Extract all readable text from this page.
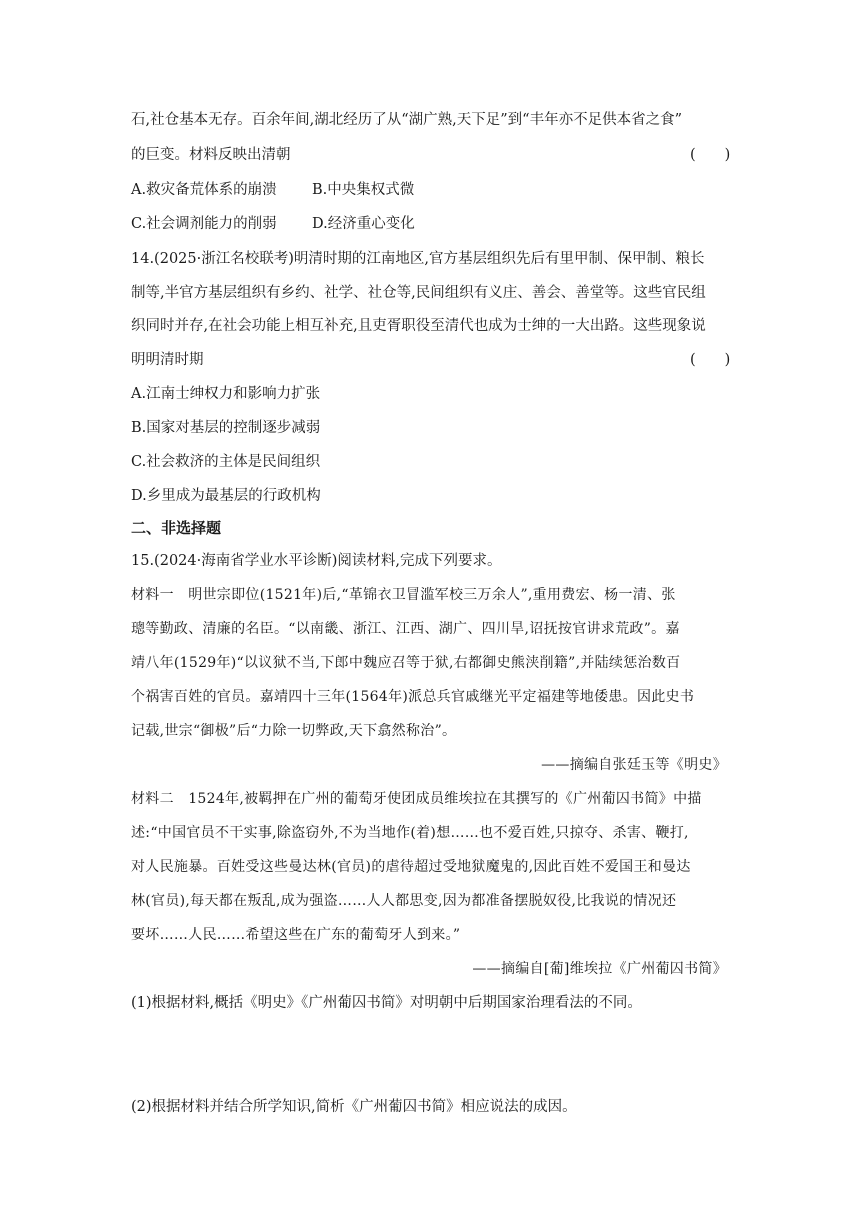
石,社仓基本无存。百余年间,湖北经历了从“湖广熟,天下足”到“丰年亦不足供本省之食”
的巨变。材料反映出清朝	(　　)
A.救灾备荒体系的崩溃 B.中央集权式微
C.社会调剂能力的削弱 D.经济重心变化
14.(2025·浙江名校联考)明清时期的江南地区,官方基层组织先后有里甲制、保甲制、粮长
制等,半官方基层组织有乡约、社学、社仓等,民间组织有义庄、善会、善堂等。这些官民组
织同时并存,在社会功能上相互补充,且吏胥职役至清代也成为士绅的一大出路。这些现象说
明明清时期	(　　)
A.江南士绅权力和影响力扩张
B.国家对基层的控制逐步减弱
C.社会救济的主体是民间组织
D.乡里成为最基层的行政机构
二、非选择题
15.(2024·海南省学业水平诊断)阅读材料,完成下列要求。
材料一　明世宗即位(1521年)后,“革锦衣卫冒滥军校三万余人”,重用费宏、杨一清、张
璁等勤政、清廉的名臣。“以南畿、浙江、江西、湖广、四川旱,诏抚按官讲求荒政”。嘉
靖八年(1529年)“以议狱不当,下郎中魏应召等于狱,右都御史熊浃削籍”,并陆续惩治数百
个祸害百姓的官员。嘉靖四十三年(1564年)派总兵官戚继光平定福建等地倭患。因此史书
记载,世宗“御极”后“力除一切弊政,天下翕然称治”。
——摘编自张廷玉等《明史》
材料二　1524年,被羁押在广州的葡萄牙使团成员维埃拉在其撰写的《广州葡囚书简》中描
述:“中国官员不干实事,除盗窃外,不为当地作(着)想……也不爱百姓,只掠夺、杀害、鞭打,
对人民施暴。百姓受这些曼达林(官员)的虐待超过受地狱魔鬼的,因此百姓不爱国王和曼达
林(官员),每天都在叛乱,成为强盗……人人都思变,因为都准备摆脱奴役,比我说的情况还
要坏……人民……希望这些在广东的葡萄牙人到来。”
——摘编自[葡]维埃拉《广州葡囚书简》
(1)根据材料,概括《明史》《广州葡囚书简》对明朝中后期国家治理看法的不同。
(2)根据材料并结合所学知识,简析《广州葡囚书简》相应说法的成因。
